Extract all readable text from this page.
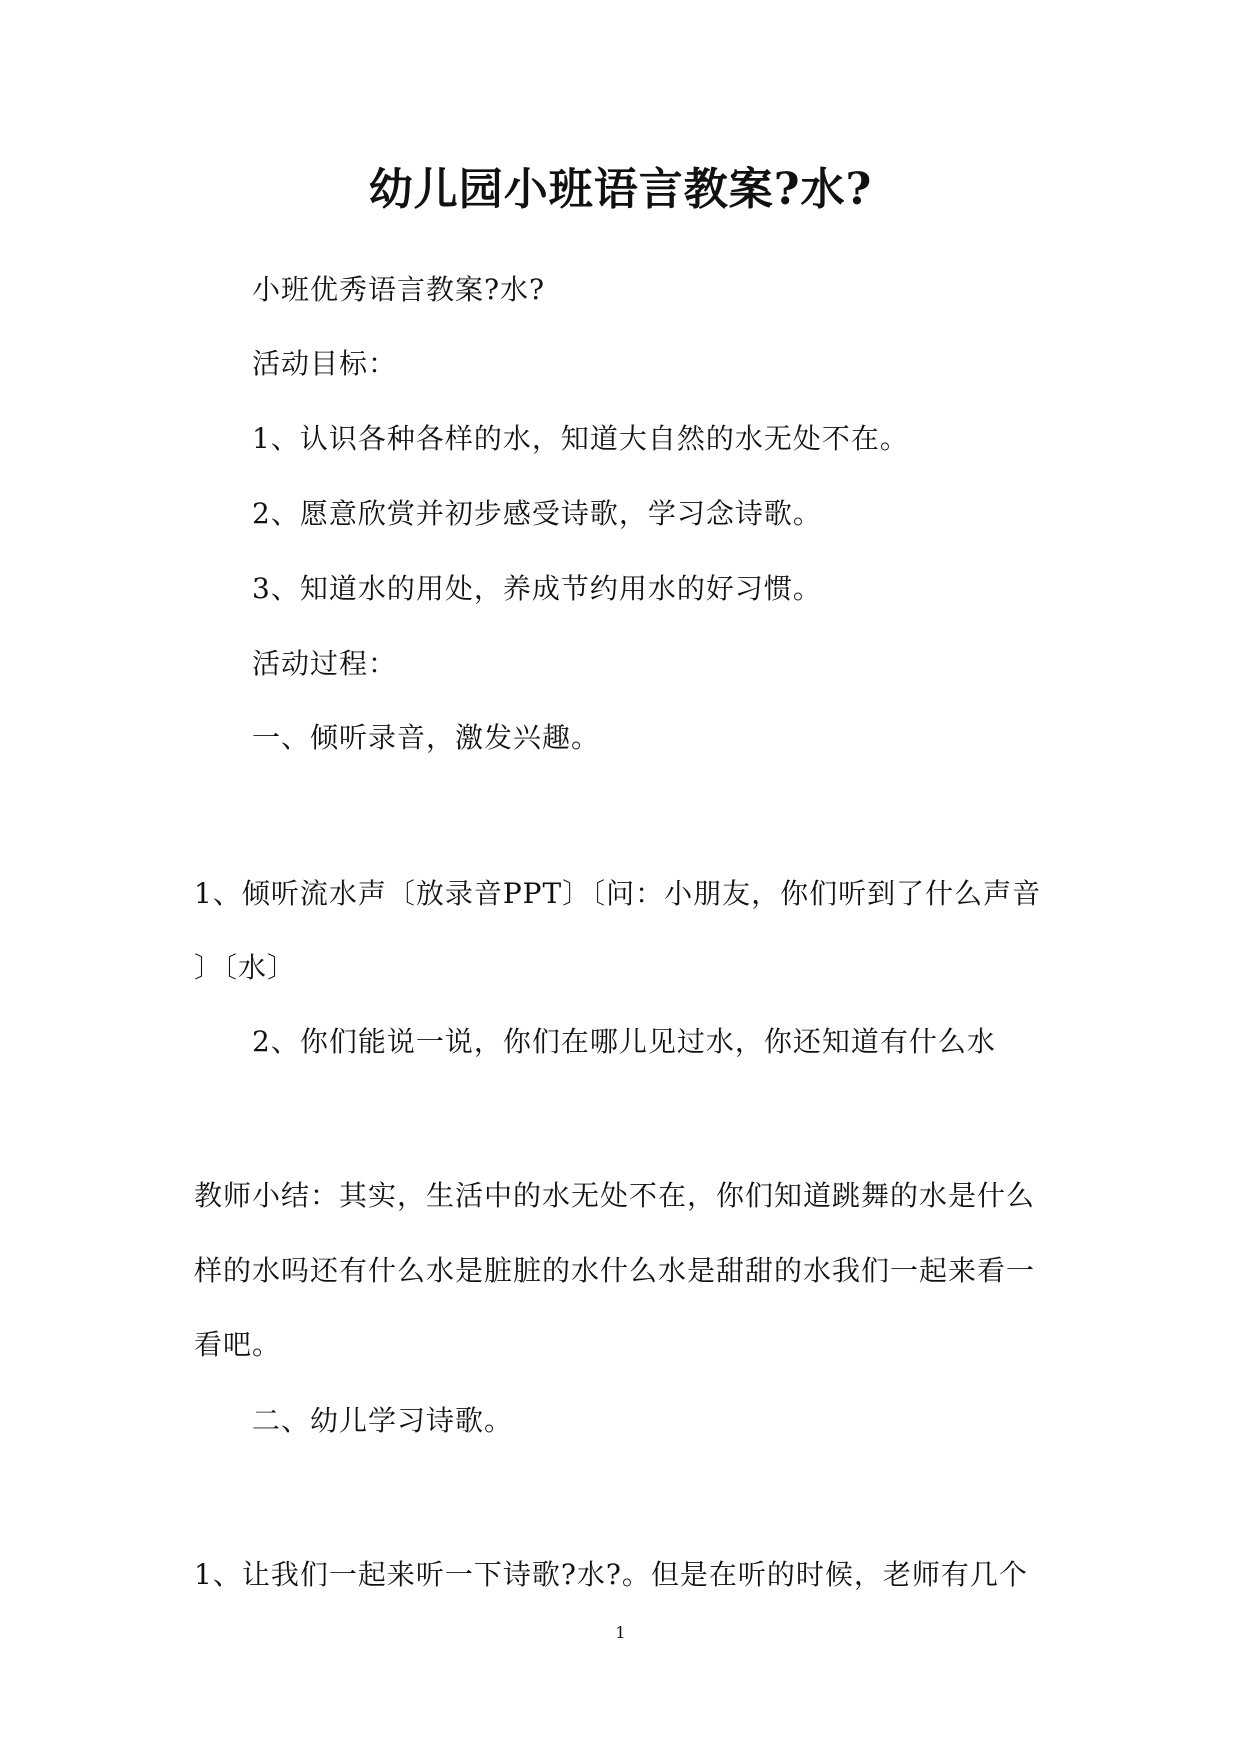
幼儿园小班语言教案?水?
小班优秀语言教案?水?
活动目标：
1、认识各种各样的水，知道大自然的水无处不在。
2、愿意欣赏并初步感受诗歌，学习念诗歌。
3、知道水的用处，养成节约用水的好习惯。
活动过程：
一、倾听录音，激发兴趣。
1、倾听流水声〔放录音PPT〕〔问：小朋友，你们听到了什么声音
〕〔水〕
2、你们能说一说，你们在哪儿见过水，你还知道有什么水
教师小结：其实，生活中的水无处不在，你们知道跳舞的水是什么
样的水吗还有什么水是脏脏的水什么水是甜甜的水我们一起来看一
看吧。
二、幼儿学习诗歌。
1、让我们一起来听一下诗歌?水?。但是在听的时候，老师有几个
1
